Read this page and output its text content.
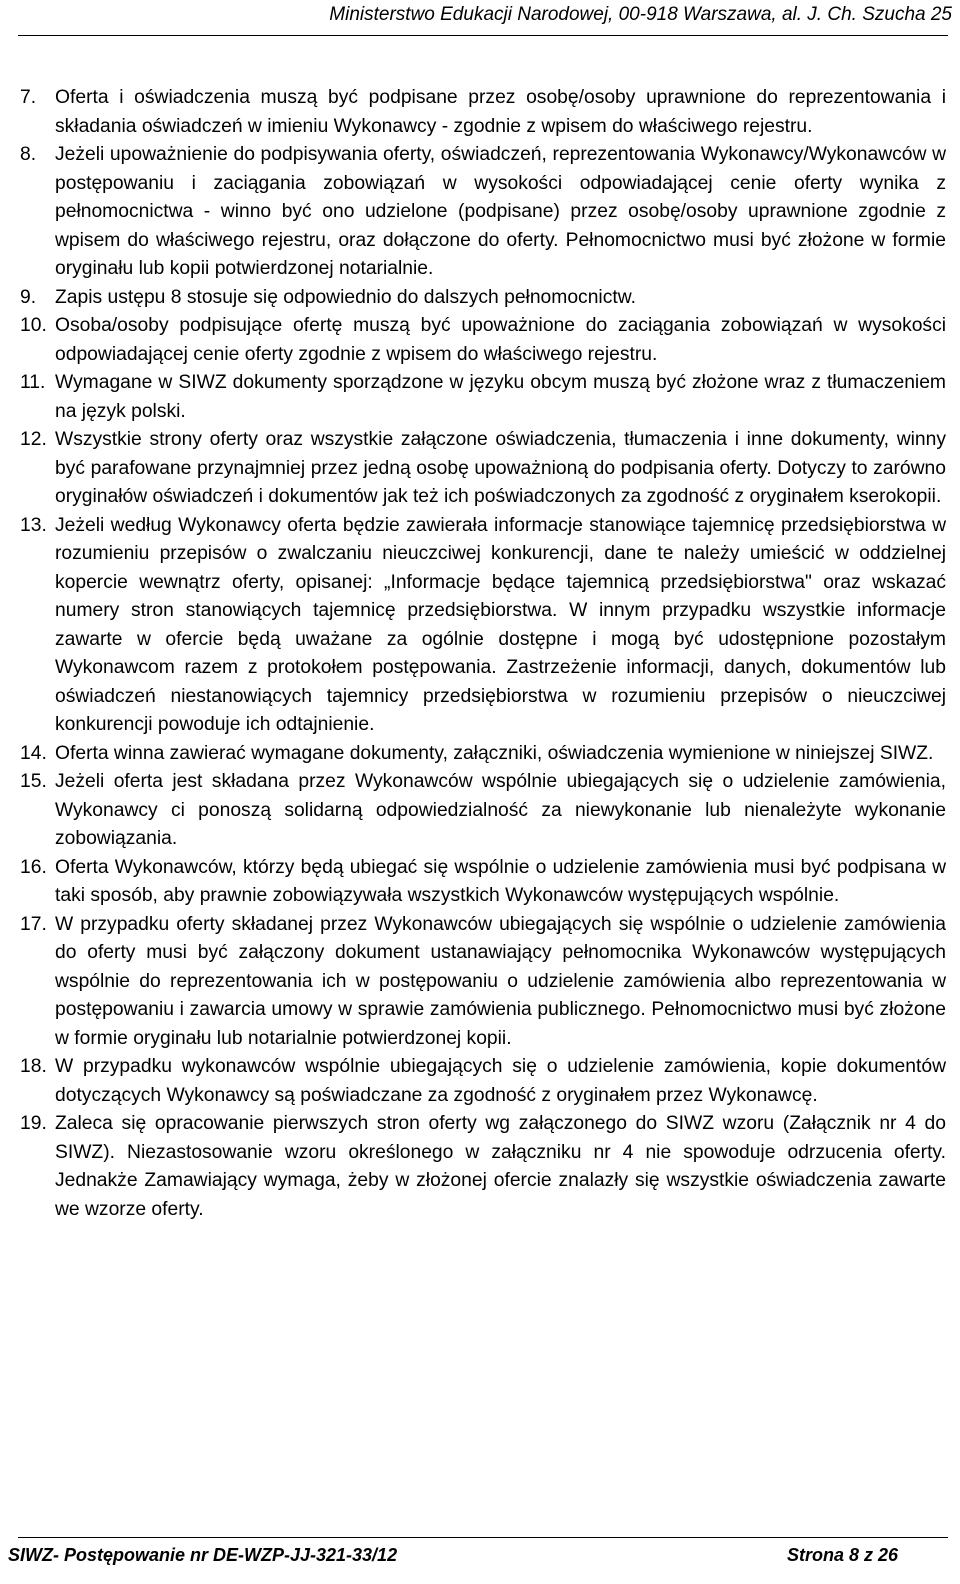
Ministerstwo Edukacji Narodowej, 00-918 Warszawa, al. J. Ch. Szucha 25
7. Oferta i oświadczenia muszą być podpisane przez osobę/osoby uprawnione do reprezentowania i składania oświadczeń w imieniu Wykonawcy - zgodnie z wpisem do właściwego rejestru.
8. Jeżeli upoważnienie do podpisywania oferty, oświadczeń, reprezentowania Wykonawcy/Wykonawców w postępowaniu i zaciągania zobowiązań w wysokości odpowiadającej cenie oferty wynika z pełnomocnictwa - winno być ono udzielone (podpisane) przez osobę/osoby uprawnione zgodnie z wpisem do właściwego rejestru, oraz dołączone do oferty. Pełnomocnictwo musi być złożone w formie oryginału lub kopii potwierdzonej notarialnie.
9. Zapis ustępu 8 stosuje się odpowiednio do dalszych pełnomocnictw.
10. Osoba/osoby podpisujące ofertę muszą być upoważnione do zaciągania zobowiązań w wysokości odpowiadającej cenie oferty zgodnie z wpisem do właściwego rejestru.
11. Wymagane w SIWZ dokumenty sporządzone w języku obcym muszą być złożone wraz z tłumaczeniem na język polski.
12. Wszystkie strony oferty oraz wszystkie załączone oświadczenia, tłumaczenia i inne dokumenty, winny być parafowane przynajmniej przez jedną osobę upoważnioną do podpisania oferty. Dotyczy to zarówno oryginałów oświadczeń i dokumentów jak też ich poświadczonych za zgodność z oryginałem kserokopii.
13. Jeżeli według Wykonawcy oferta będzie zawierała informacje stanowiące tajemnicę przedsiębiorstwa w rozumieniu przepisów o zwalczaniu nieuczciwej konkurencji, dane te należy umieścić w oddzielnej kopercie wewnątrz oferty, opisanej: „Informacje będące tajemnicą przedsiębiorstwa" oraz wskazać numery stron stanowiących tajemnicę przedsiębiorstwa. W innym przypadku wszystkie informacje zawarte w ofercie będą uważane za ogólnie dostępne i mogą być udostępnione pozostałym Wykonawcom razem z protokołem postępowania. Zastrzeżenie informacji, danych, dokumentów lub oświadczeń niestanowiących tajemnicy przedsiębiorstwa w rozumieniu przepisów o nieuczciwej konkurencji powoduje ich odtajnienie.
14. Oferta winna zawierać wymagane dokumenty, załączniki, oświadczenia wymienione w niniejszej SIWZ.
15. Jeżeli oferta jest składana przez Wykonawców wspólnie ubiegających się o udzielenie zamówienia, Wykonawcy ci ponoszą solidarną odpowiedzialność za niewykonanie lub nienależyte wykonanie zobowiązania.
16. Oferta Wykonawców, którzy będą ubiegać się wspólnie o udzielenie zamówienia musi być podpisana w taki sposób, aby prawnie zobowiązywała wszystkich Wykonawców występujących wspólnie.
17. W przypadku oferty składanej przez Wykonawców ubiegających się wspólnie o udzielenie zamówienia do oferty musi być załączony dokument ustanawiający pełnomocnika Wykonawców występujących wspólnie do reprezentowania ich w postępowaniu o udzielenie zamówienia albo reprezentowania w postępowaniu i zawarcia umowy w sprawie zamówienia publicznego. Pełnomocnictwo musi być złożone w formie oryginału lub notarialnie potwierdzonej kopii.
18. W przypadku wykonawców wspólnie ubiegających się o udzielenie zamówienia, kopie dokumentów dotyczących Wykonawcy są poświadczane za zgodność z oryginałem przez Wykonawcę.
19. Zaleca się opracowanie pierwszych stron oferty wg załączonego do SIWZ wzoru (Załącznik nr 4 do SIWZ). Niezastosowanie wzoru określonego w załączniku nr 4 nie spowoduje odrzucenia oferty. Jednakże Zamawiający wymaga, żeby w złożonej ofercie znalazły się wszystkie oświadczenia zawarte we wzorze oferty.
SIWZ- Postępowanie nr DE-WZP-JJ-321-33/12	Strona 8 z 26
